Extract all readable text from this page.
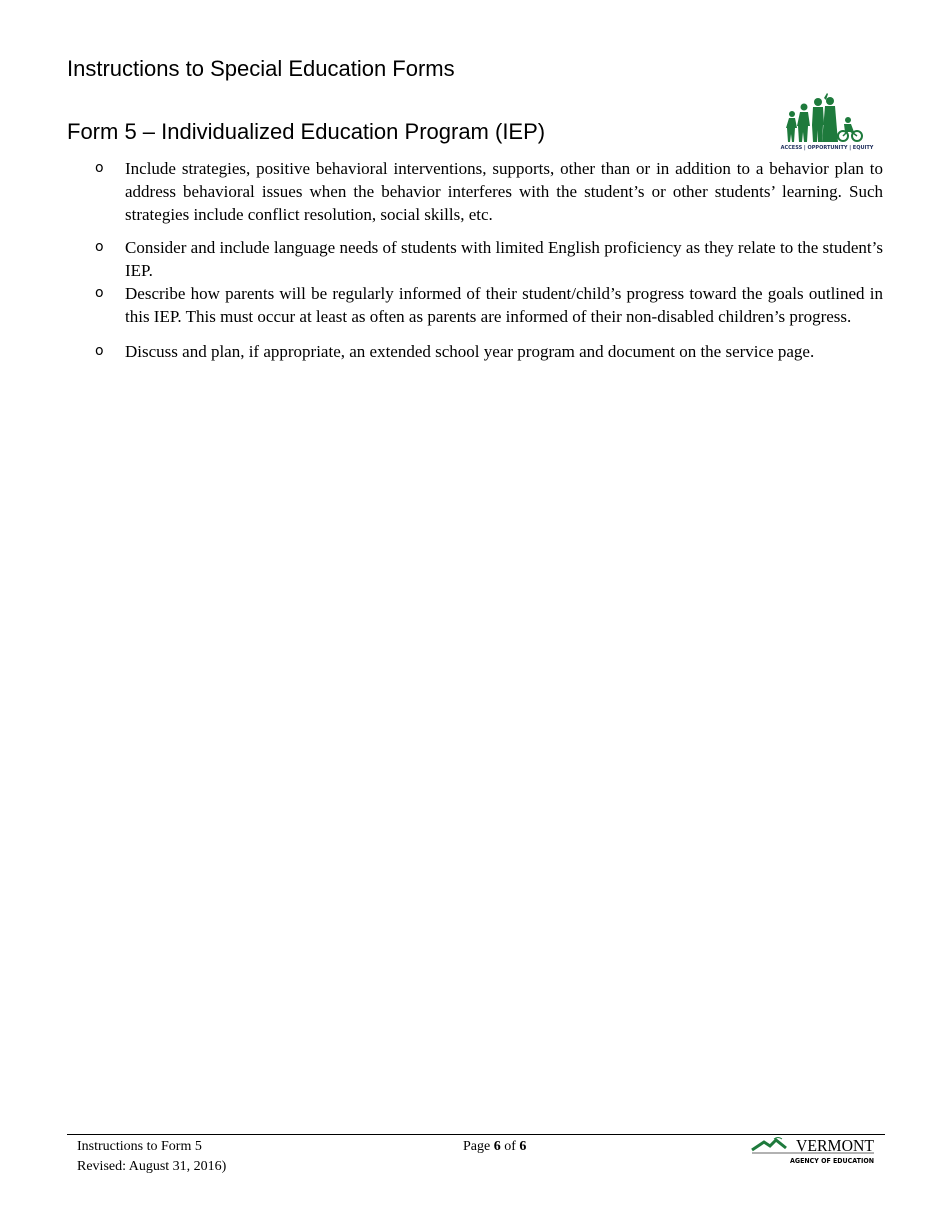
Instructions to Special Education Forms
Form 5 – Individualized Education Program (IEP)
ACCESS | OPPORTUNITY | EQUITY
o	Include strategies, positive behavioral interventions, supports, other than or in addition to a behavior plan to address behavioral issues when the behavior interferes with the student’s or other students’ learning. Such strategies include conflict resolution, social skills, etc.
o	Consider and include language needs of students with limited English proficiency as they relate to the student’s IEP.
o	Describe how parents will be regularly informed of their student/child’s progress toward the goals outlined in this IEP. This must occur at least as often as parents are informed of their non-disabled children’s progress.
o	Discuss and plan, if appropriate, an extended school year program and document on the service page.
Instructions to Form 5
Revised: August 31, 2016)
Page 6 of 6	VERMONT
AGENCY OF EDUCATION
